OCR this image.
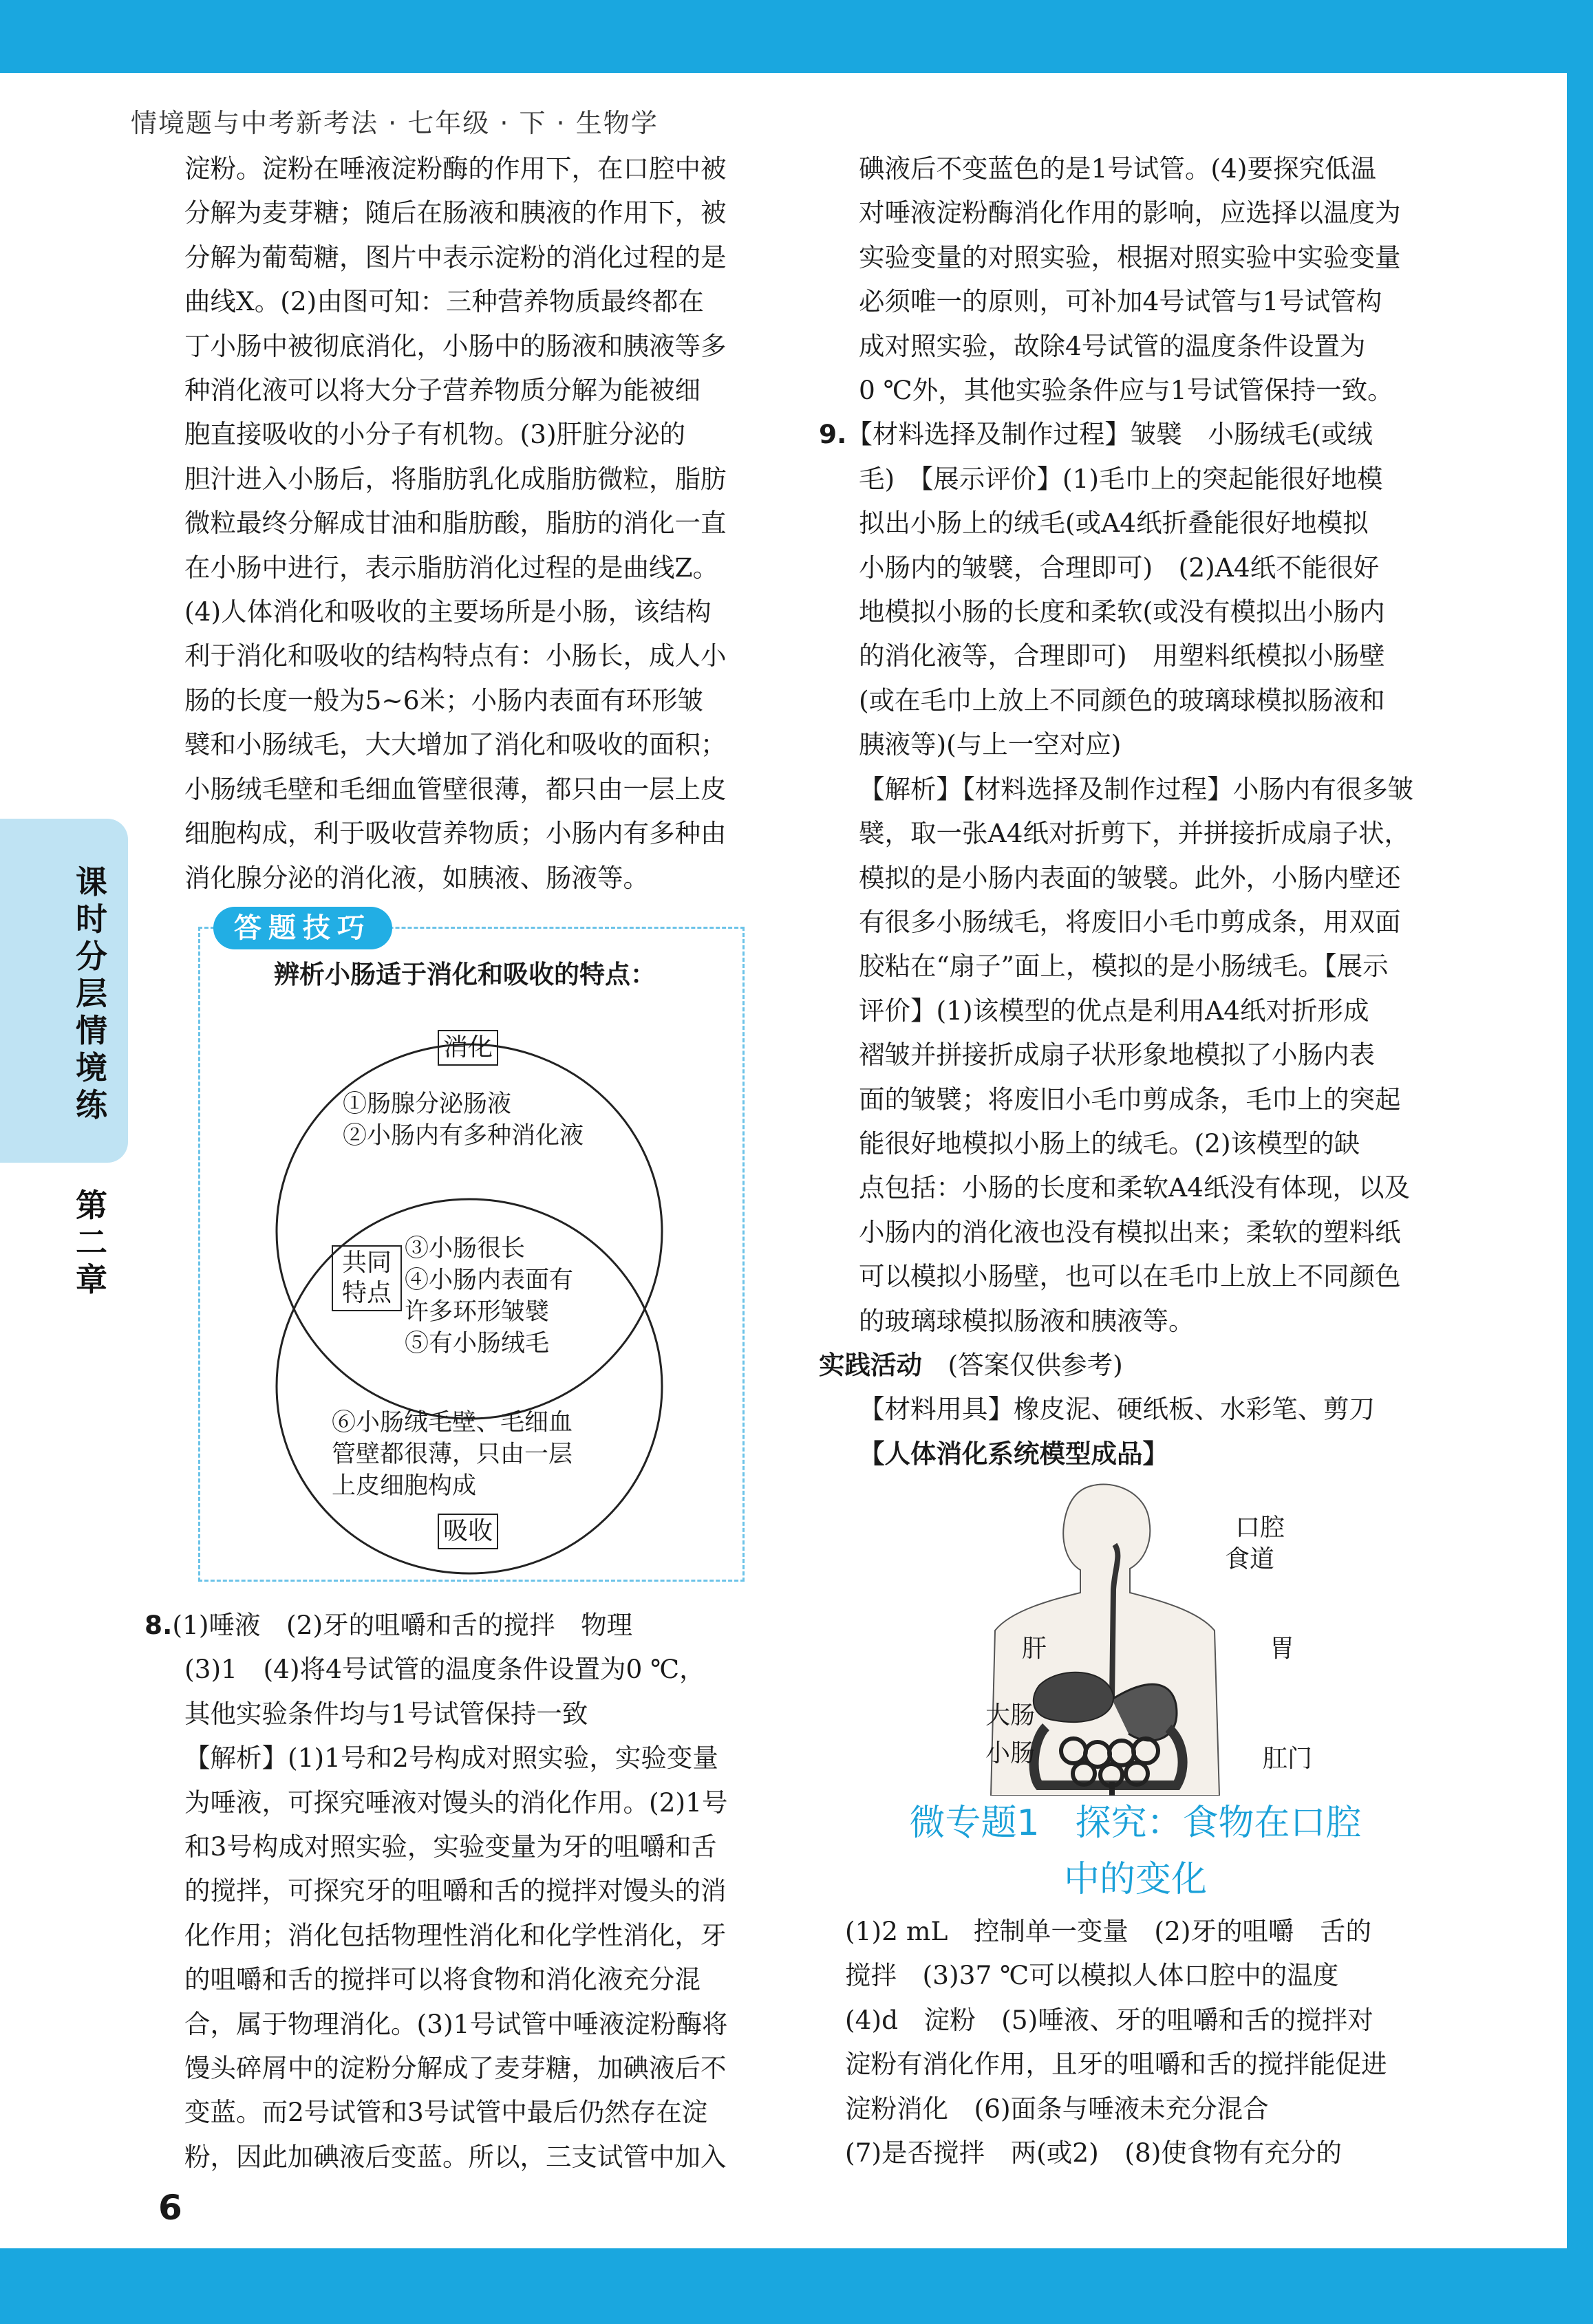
情境题与中考新考法 · 七年级 · 下 · 生物学
课时分层情境练
第二章

淀粉。淀粉在唾液淀粉酶的作用下，在口腔中被

分解为麦芽糖；随后在肠液和胰液的作用下，被

分解为葡萄糖，图片中表示淀粉的消化过程的是

曲线X。(2)由图可知：三种营养物质最终都在

丁小肠中被彻底消化，小肠中的肠液和胰液等多

种消化液可以将大分子营养物质分解为能被细

胞直接吸收的小分子有机物。(3)肝脏分泌的

胆汁进入小肠后，将脂肪乳化成脂肪微粒，脂肪

微粒最终分解成甘油和脂肪酸，脂肪的消化一直

在小肠中进行，表示脂肪消化过程的是曲线Z。

(4)人体消化和吸收的主要场所是小肠，该结构

利于消化和吸收的结构特点有：小肠长，成人小

肠的长度一般为5~6米；小肠内表面有环形皱

襞和小肠绒毛，大大增加了消化和吸收的面积；

小肠绒毛壁和毛细血管壁很薄，都只由一层上皮

细胞构成，利于吸收营养物质；小肠内有多种由

消化腺分泌的消化液，如胰液、肠液等。

答题技巧
辨析小肠适于消化和吸收的特点：
消化
①肠腺分泌肠液
②小肠内有多种消化液
共同
特点
③小肠很长
④小肠内表面有
许多环形皱襞
⑤有小肠绒毛
⑥小肠绒毛壁、毛细血
管壁都很薄，只由一层
上皮细胞构成
吸收

8.(1)唾液　(2)牙的咀嚼和舌的搅拌　物理

(3)1　(4)将4号试管的温度条件设置为0 ℃，

其他实验条件均与1号试管保持一致

【解析】(1)1号和2号构成对照实验，实验变量

为唾液，可探究唾液对馒头的消化作用。(2)1号

和3号构成对照实验，实验变量为牙的咀嚼和舌

的搅拌，可探究牙的咀嚼和舌的搅拌对馒头的消

化作用；消化包括物理性消化和化学性消化，牙

的咀嚼和舌的搅拌可以将食物和消化液充分混

合，属于物理消化。(3)1号试管中唾液淀粉酶将

馒头碎屑中的淀粉分解成了麦芽糖，加碘液后不

变蓝。而2号试管和3号试管中最后仍然存在淀

粉，因此加碘液后变蓝。所以，三支试管中加入

碘液后不变蓝色的是1号试管。(4)要探究低温

对唾液淀粉酶消化作用的影响，应选择以温度为

实验变量的对照实验，根据对照实验中实验变量

必须唯一的原则，可补加4号试管与1号试管构

成对照实验，故除4号试管的温度条件设置为

0 ℃外，其他实验条件应与1号试管保持一致。

9.【材料选择及制作过程】皱襞　小肠绒毛(或绒

毛)　【展示评价】(1)毛巾上的突起能很好地模

拟出小肠上的绒毛(或A4纸折叠能很好地模拟

小肠内的皱襞，合理即可)　(2)A4纸不能很好

地模拟小肠的长度和柔软(或没有模拟出小肠内

的消化液等，合理即可)　用塑料纸模拟小肠壁

(或在毛巾上放上不同颜色的玻璃球模拟肠液和

胰液等)(与上一空对应)

【解析】【材料选择及制作过程】小肠内有很多皱

襞，取一张A4纸对折剪下，并拼接折成扇子状，

模拟的是小肠内表面的皱襞。此外，小肠内壁还

有很多小肠绒毛，将废旧小毛巾剪成条，用双面

胶粘在“扇子”面上，模拟的是小肠绒毛。【展示

评价】(1)该模型的优点是利用A4纸对折形成

褶皱并拼接折成扇子状形象地模拟了小肠内表

面的皱襞；将废旧小毛巾剪成条，毛巾上的突起

能很好地模拟小肠上的绒毛。(2)该模型的缺

点包括：小肠的长度和柔软A4纸没有体现，以及

小肠内的消化液也没有模拟出来；柔软的塑料纸

可以模拟小肠壁，也可以在毛巾上放上不同颜色

的玻璃球模拟肠液和胰液等。

实践活动　 (答案仅供参考)

【材料用具】橡皮泥、硬纸板、水彩笔、剪刀

【人体消化系统模型成品】

口腔
食道
肝	胃
大肠
小肠	肛门
微专题1　探究：食物在口腔
中的变化

(1)2 mL　控制单一变量　(2)牙的咀嚼　舌的

搅拌　(3)37 ℃可以模拟人体口腔中的温度

(4)d　淀粉　(5)唾液、牙的咀嚼和舌的搅拌对

淀粉有消化作用，且牙的咀嚼和舌的搅拌能促进

淀粉消化　(6)面条与唾液未充分混合

(7)是否搅拌　两(或2)　(8)使食物有充分的

6
